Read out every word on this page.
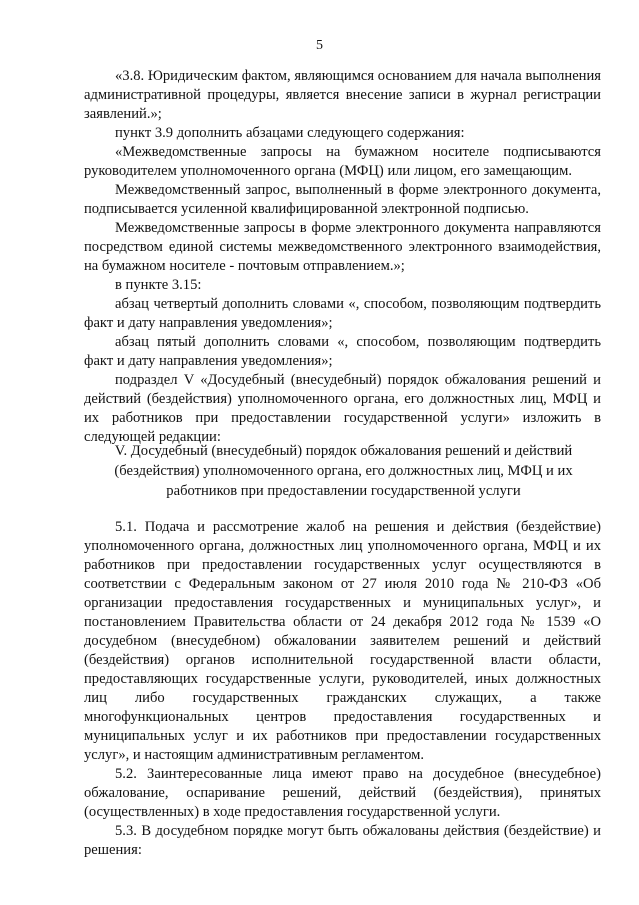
5

«3.8. Юридическим фактом, являющимся основанием для начала выполнения административной процедуры, является внесение записи в журнал регистрации заявлений.»;

пункт 3.9 дополнить абзацами следующего содержания:

«Межведомственные запросы на бумажном носителе подписываются руководителем уполномоченного органа (МФЦ) или лицом, его замещающим.

Межведомственный запрос, выполненный в форме электронного документа, подписывается усиленной квалифицированной электронной подписью.

Межведомственные запросы в форме электронного документа направляются посредством единой системы межведомственного электронного взаимодействия, на бумажном носителе - почтовым отправлением.»;

в пункте 3.15:

абзац четвертый дополнить словами «, способом, позволяющим подтвердить факт и дату направления уведомления»;

абзац пятый дополнить словами «, способом, позволяющим подтвердить факт и дату направления уведомления»;

подраздел V «Досудебный (внесудебный) порядок обжалования решений и действий (бездействия) уполномоченного органа, его должностных лиц, МФЦ и их работников при предоставлении государственной услуги» изложить в следующей редакции:

V. Досудебный (внесудебный) порядок обжалования решений и действий (бездействия) уполномоченного органа, его должностных лиц, МФЦ и их работников при предоставлении государственной услуги

5.1. Подача и рассмотрение жалоб на решения и действия (бездействие) уполномоченного органа, должностных лиц уполномоченного органа, МФЦ и их работников при предоставлении государственных услуг осуществляются в соответствии с Федеральным законом от 27 июля 2010 года № 210-ФЗ «Об организации предоставления государственных и муниципальных услуг», и постановлением Правительства области от 24 декабря 2012 года № 1539 «О досудебном (внесудебном) обжаловании заявителем решений и действий (бездействия) органов исполнительной государственной власти области, предоставляющих государственные услуги, руководителей, иных должностных лиц либо государственных гражданских служащих, а также многофункциональных центров предоставления государственных и муниципальных услуг и их работников при предоставлении государственных услуг», и настоящим административным регламентом.

5.2. Заинтересованные лица имеют право на досудебное (внесудебное) обжалование, оспаривание решений, действий (бездействия), принятых (осуществленных) в ходе предоставления государственной услуги.

5.3. В досудебном порядке могут быть обжалованы действия (бездействие) и решения:
